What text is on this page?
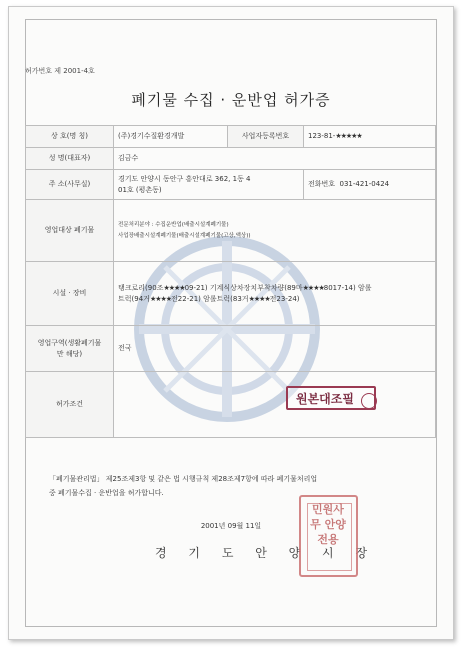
허가번호 제 2001-4호
폐기물 수집 · 운반업 허가증
상 호(명 칭)	(주)경기수질환경개발	사업자등록번호	123-81-★★★★★
성 명(대표자)	김금수		
주 소(사무실)	경기도 안양시 동안구 흥안대로 362, 1동 4
01호 (평촌동)		전화번호 031-421-0424
영업대상 폐기물	전문처리분야 : 수집운반업(배출시설계폐기물)
사업장배출시설계폐기물(배출시설계폐기물(고상,액상))		

시설 · 장비	탱크로리(90조★★★★09-21) 기계식상차장치부착차량(89마★★★★8017-14) 암롤
트럭(94거★★★★전22-21) 암롤트럭(83거★★★★전23-24)		

영업구역(생활폐기물
만 해당)	전국		
허가조건				원본대조필
「폐기물관리법」 제25조제3항 및 같은 법 시행규칙 제28조제7항에 따라 폐기물처리업
중 폐기물수집 · 운반업을 허가합니다.
2001년 09월 11일
경 기 도 안 양 시 장
민원사무 안양 전용
